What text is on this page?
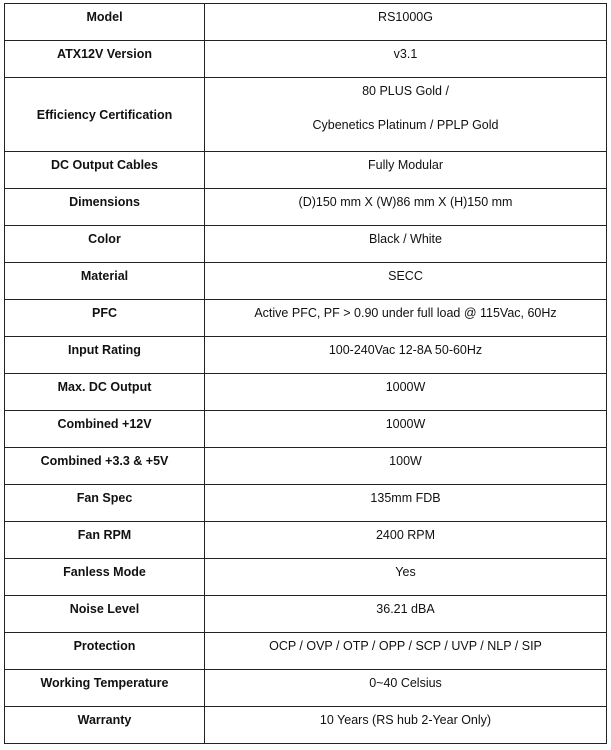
Model	RS1000G
ATX12V Version	v3.1
Efficiency Certification	80 PLUS Gold /
Cybenetics Platinum / PPLP Gold

DC Output Cables	Fully Modular
Dimensions	(D)150 mm X (W)86 mm X (H)150 mm
Color	Black / White
Material	SECC
PFC	Active PFC, PF > 0.90 under full load @ 115Vac, 60Hz
Input Rating	100-240Vac 12-8A 50-60Hz
Max. DC Output	1000W
Combined +12V	1000W
Combined +3.3 & +5V	100W
Fan Spec	135mm FDB
Fan RPM	2400 RPM
Fanless Mode	Yes
Noise Level	36.21 dBA
Protection	OCP / OVP / OTP / OPP / SCP / UVP / NLP / SIP
Working Temperature	0~40 Celsius
Warranty	10 Years (RS hub 2-Year Only)
